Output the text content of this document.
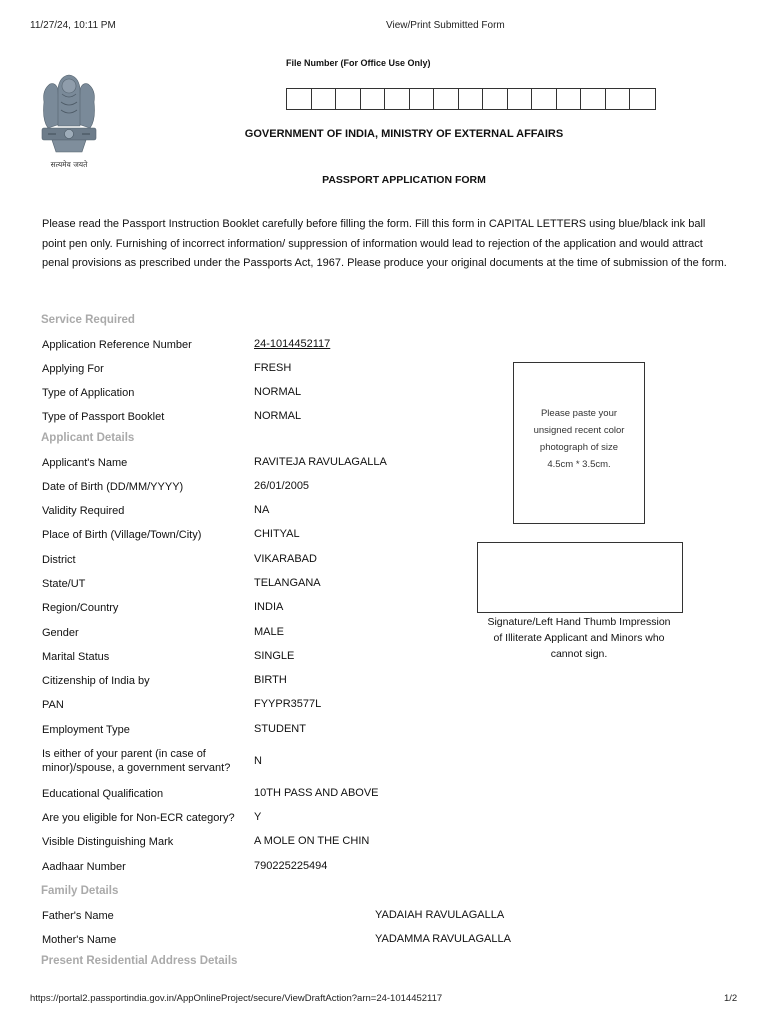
11/27/24, 10:11 PM	View/Print Submitted Form
सत्यमेव जयते
File Number (For Office Use Only)
GOVERNMENT OF INDIA, MINISTRY OF EXTERNAL AFFAIRS
PASSPORT APPLICATION FORM
Please read the Passport Instruction Booklet carefully before filling the form. Fill this form in CAPITAL LETTERS using blue/black ink ball point pen only. Furnishing of incorrect information/ suppression of information would lead to rejection of the application and would attract penal provisions as prescribed under the Passports Act, 1967. Please produce your original documents at the time of submission of the form.
Service Required
Application Reference Number	24-1014452117
Applying For	FRESH
Type of Application	NORMAL
Type of Passport Booklet	NORMAL
Applicant Details
Applicant's Name	RAVITEJA RAVULAGALLA
Date of Birth (DD/MM/YYYY)	26/01/2005
Validity Required	NA
Place of Birth (Village/Town/City)	CHITYAL
District	VIKARABAD
State/UT	TELANGANA
Region/Country	INDIA
Gender	MALE
Marital Status	SINGLE
Citizenship of India by	BIRTH
PAN	FYYPR3577L
Employment Type	STUDENT
Is either of your parent (in case of
minor)/spouse, a government servant?
N
Educational Qualification	10TH PASS AND ABOVE
Are you eligible for Non-ECR category? Y
Visible Distinguishing Mark	A MOLE ON THE CHIN
Aadhaar Number	790225225494
Family Details
Father's Name	YADAIAH RAVULAGALLA
Mother's Name	YADAMMA RAVULAGALLA
Present Residential Address Details
Please paste your
unsigned recent color
photograph of size
4.5cm * 3.5cm.
Signature/Left Hand Thumb Impression
of Illiterate Applicant and Minors who
cannot sign.
https://portal2.passportindia.gov.in/AppOnlineProject/secure/ViewDraftAction?arn=24-1014452117	1/2
